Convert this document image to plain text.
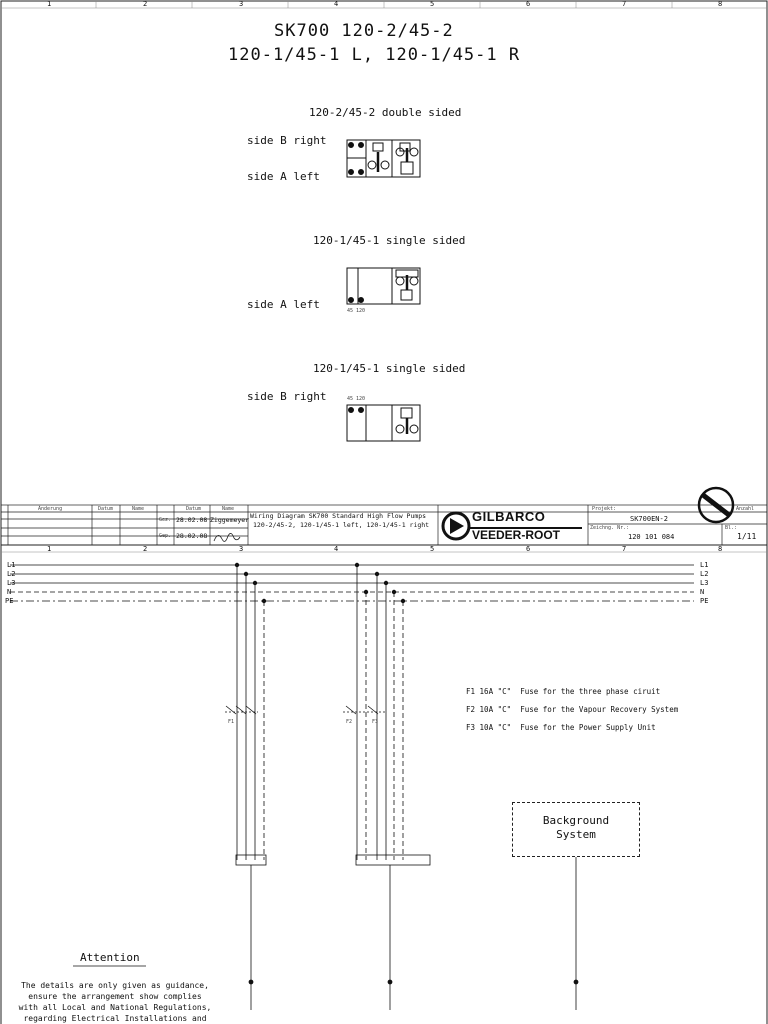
1	2	3	4	5	6	7	8
SK700 120-2/45-2
120-1/45-1 L, 120-1/45-1 R
120-2/45-2 double sided
side B right
side A left
120-1/45-1 single sided
side A left	45 120
120-1/45-1 single sided
side B right	45 120
Änderung	Datum	Name	Datum	Name
Gez. 28.02.08 Ziggemeyer
Gep. 28.02.08
Wiring Diagram SK700 Standard High Flow Pumps
120-2/45-2, 120-1/45-1 left, 120-1/45-1 right
GILBARCO
VEEDER-ROOT
Projekt:
SK700EN-2
Anzahl
Zeichng. Nr.:
120 101 084
Bl.:
1/11
1	2	3	4	5	6	7	8
L1
L2
L3
N
PE
L1
L2
L3
N
PE
F1	F2	F3
F1 16A "C" Fuse for the three phase ciruit
F2 10A "C" Fuse for the Vapour Recovery System
F3 10A "C" Fuse for the Power Supply Unit
Background
System
Attention
The details are only given as guidance,
ensure the arrangement show complies
with all Local and National Regulations,
regarding Electrical Installations and
